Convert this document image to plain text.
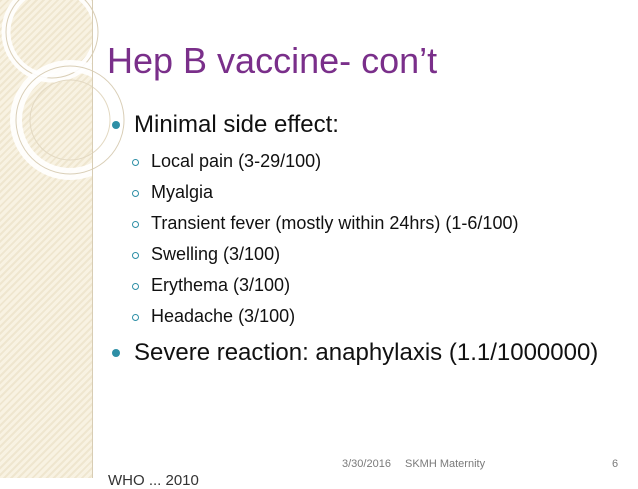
Hep B vaccine- con’t
Minimal side effect:
Local pain (3-29/100)
Myalgia
Transient fever (mostly within 24hrs) (1-6/100)
Swelling (3/100)
Erythema (3/100)
Headache (3/100)
Severe reaction: anaphylaxis (1.1/1000000)
3/30/2016 SKMH Maternity	6
WHO ... 2010
